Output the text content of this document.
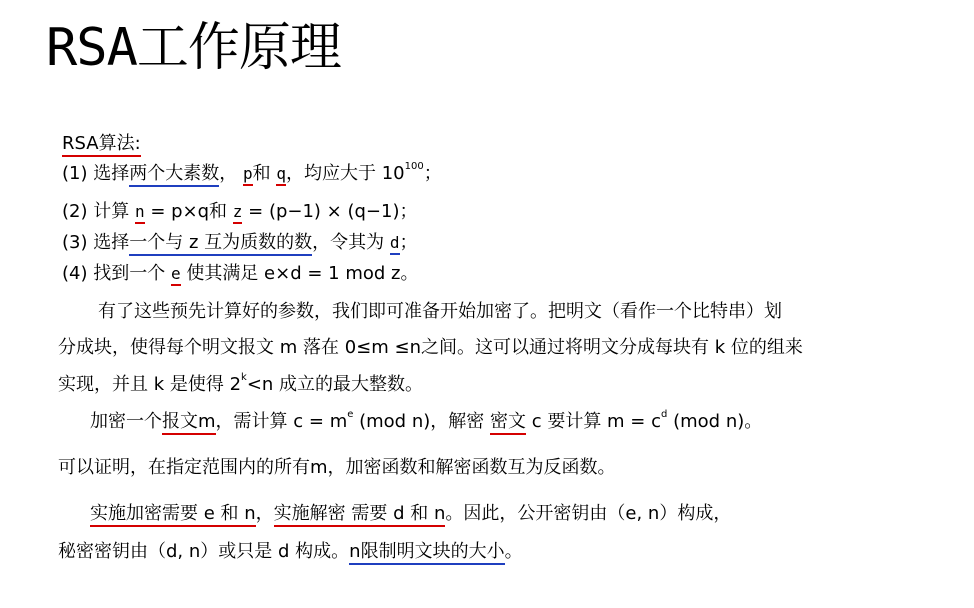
RSA工作原理
RSA算法:
(1) 选择两个大素数， p和 q，均应大于 $10^{100}$；
(2) 计算 n = p×q和 z = (p−1) × (q−1)；
(3) 选择一个与 z 互为质数的数，令其为 d；
(4) 找到一个 e 使其满足 e×d = 1 mod z。
有了这些预先计算好的参数，我们即可准备开始加密了。把明文（看作一个比特串）划
分成块，使得每个明文报文 m 落在 0≤m ≤n之间。这可以通过将明文分成每块有 k 位的组来
实现，并且 k 是使得 $2^k<n$ 成立的最大整数。
加密一个报文m，需计算 $c = m^e$ (mod n)，解密 密文 c 要计算 $m = c^d$ (mod n)。
可以证明，在指定范围内的所有m，加密函数和解密函数互为反函数。
实施加密需要 e 和 n，实施解密 需要 d 和 n。因此，公开密钥由（e, n）构成，
秘密密钥由（d, n）或只是 d 构成。n限制明文块的大小。
